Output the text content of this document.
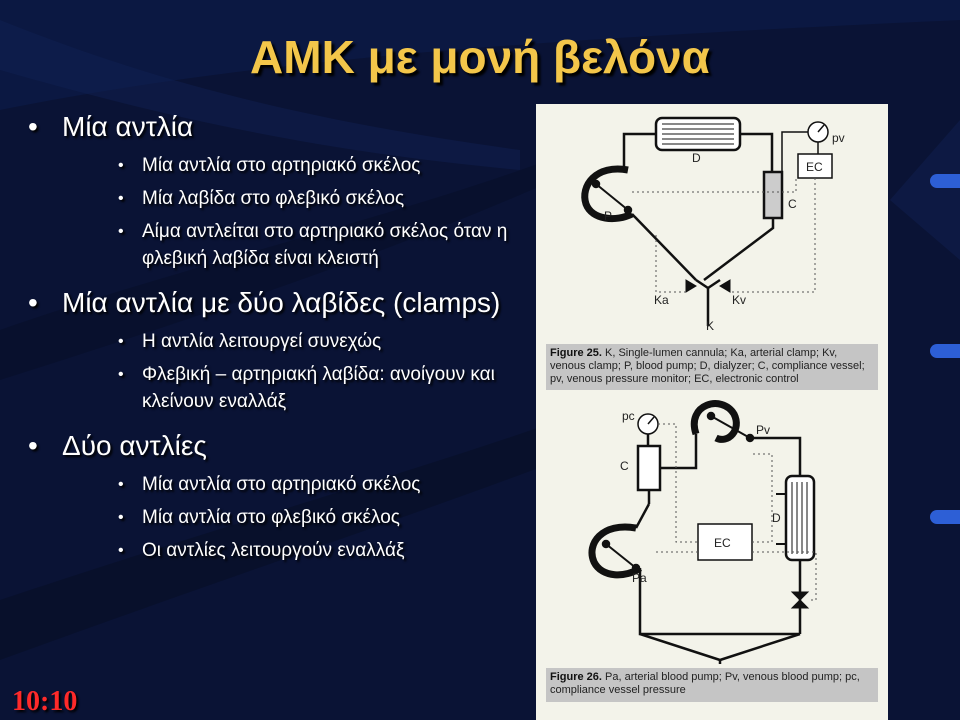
ΑΜΚ με μονή βελόνα
• Μία αντλία
• Μία αντλία στο αρτηριακό σκέλος
• Μία λαβίδα στο φλεβικό σκέλος
• Αίμα αντλείται στο αρτηριακό σκέλος όταν η φλεβική λαβίδα είναι κλειστή
• Μία αντλία με δύο λαβίδες (clamps)
• Η αντλία λειτουργεί συνεχώς
• Φλεβική – αρτηριακή λαβίδα: ανοίγουν και κλείνουν εναλλάξ
• Δύο αντλίες
• Μία αντλία στο αρτηριακό σκέλος
• Μία αντλία στο φλεβικό σκέλος
• Οι αντλίες λειτουργούν εναλλάξ
10:10
D
P
C
EC
pv
Ka	Kv
K
pc
Pv
C
D
EC
Pa
Figure 25. K, Single-lumen cannula; Ka, arterial clamp; Kv, venous clamp; P, blood pump; D, dialyzer; C, compliance vessel; pv, venous pressure monitor; EC, electronic control
Figure 26. Pa, arterial blood pump; Pv, venous blood pump; pc, compliance vessel pressure
